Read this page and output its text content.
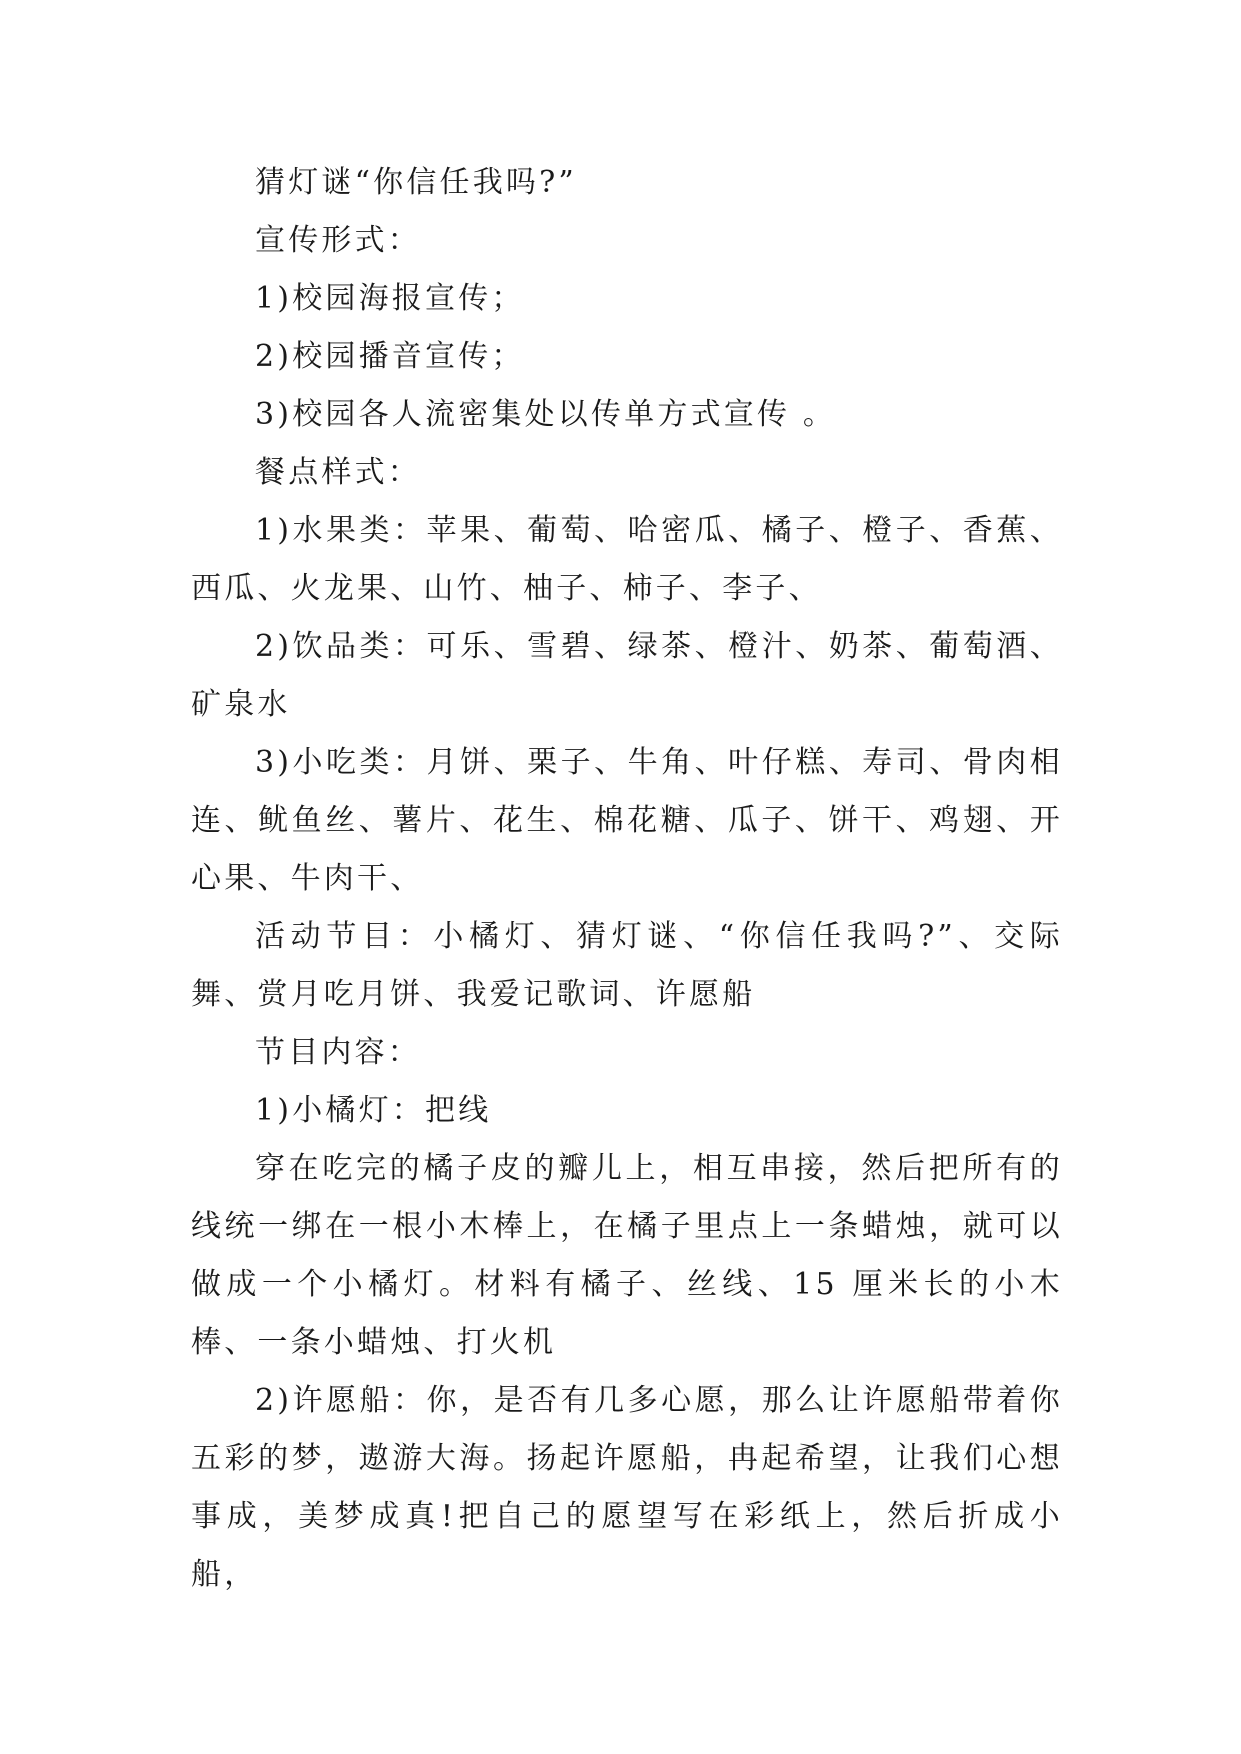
猜灯谜“你信任我吗?”

宣传形式：

1)校园海报宣传；

2)校园播音宣传；

3)校园各人流密集处以传单方式宣传 。

餐点样式：

1)水果类：苹果、葡萄、哈密瓜、橘子、橙子、香蕉、西瓜、火龙果、山竹、柚子、柿子、李子、

2)饮品类：可乐、雪碧、绿茶、橙汁、奶茶、葡萄酒、矿泉水

3)小吃类：月饼、栗子、牛角、叶仔糕、寿司、骨肉相连、鱿鱼丝、薯片、花生、棉花糖、瓜子、饼干、鸡翅、开心果、牛肉干、

活动节目：小橘灯、猜灯谜、“你信任我吗?”、交际舞、赏月吃月饼、我爱记歌词、许愿船

节目内容：

1)小橘灯：把线

穿在吃完的橘子皮的瓣儿上，相互串接，然后把所有的线统一绑在一根小木棒上，在橘子里点上一条蜡烛，就可以做成一个小橘灯。材料有橘子、丝线、15 厘米长的小木棒、一条小蜡烛、打火机

2)许愿船：你，是否有几多心愿，那么让许愿船带着你五彩的梦，遨游大海。扬起许愿船，冉起希望，让我们心想事成，美梦成真!把自己的愿望写在彩纸上，然后折成小船，
